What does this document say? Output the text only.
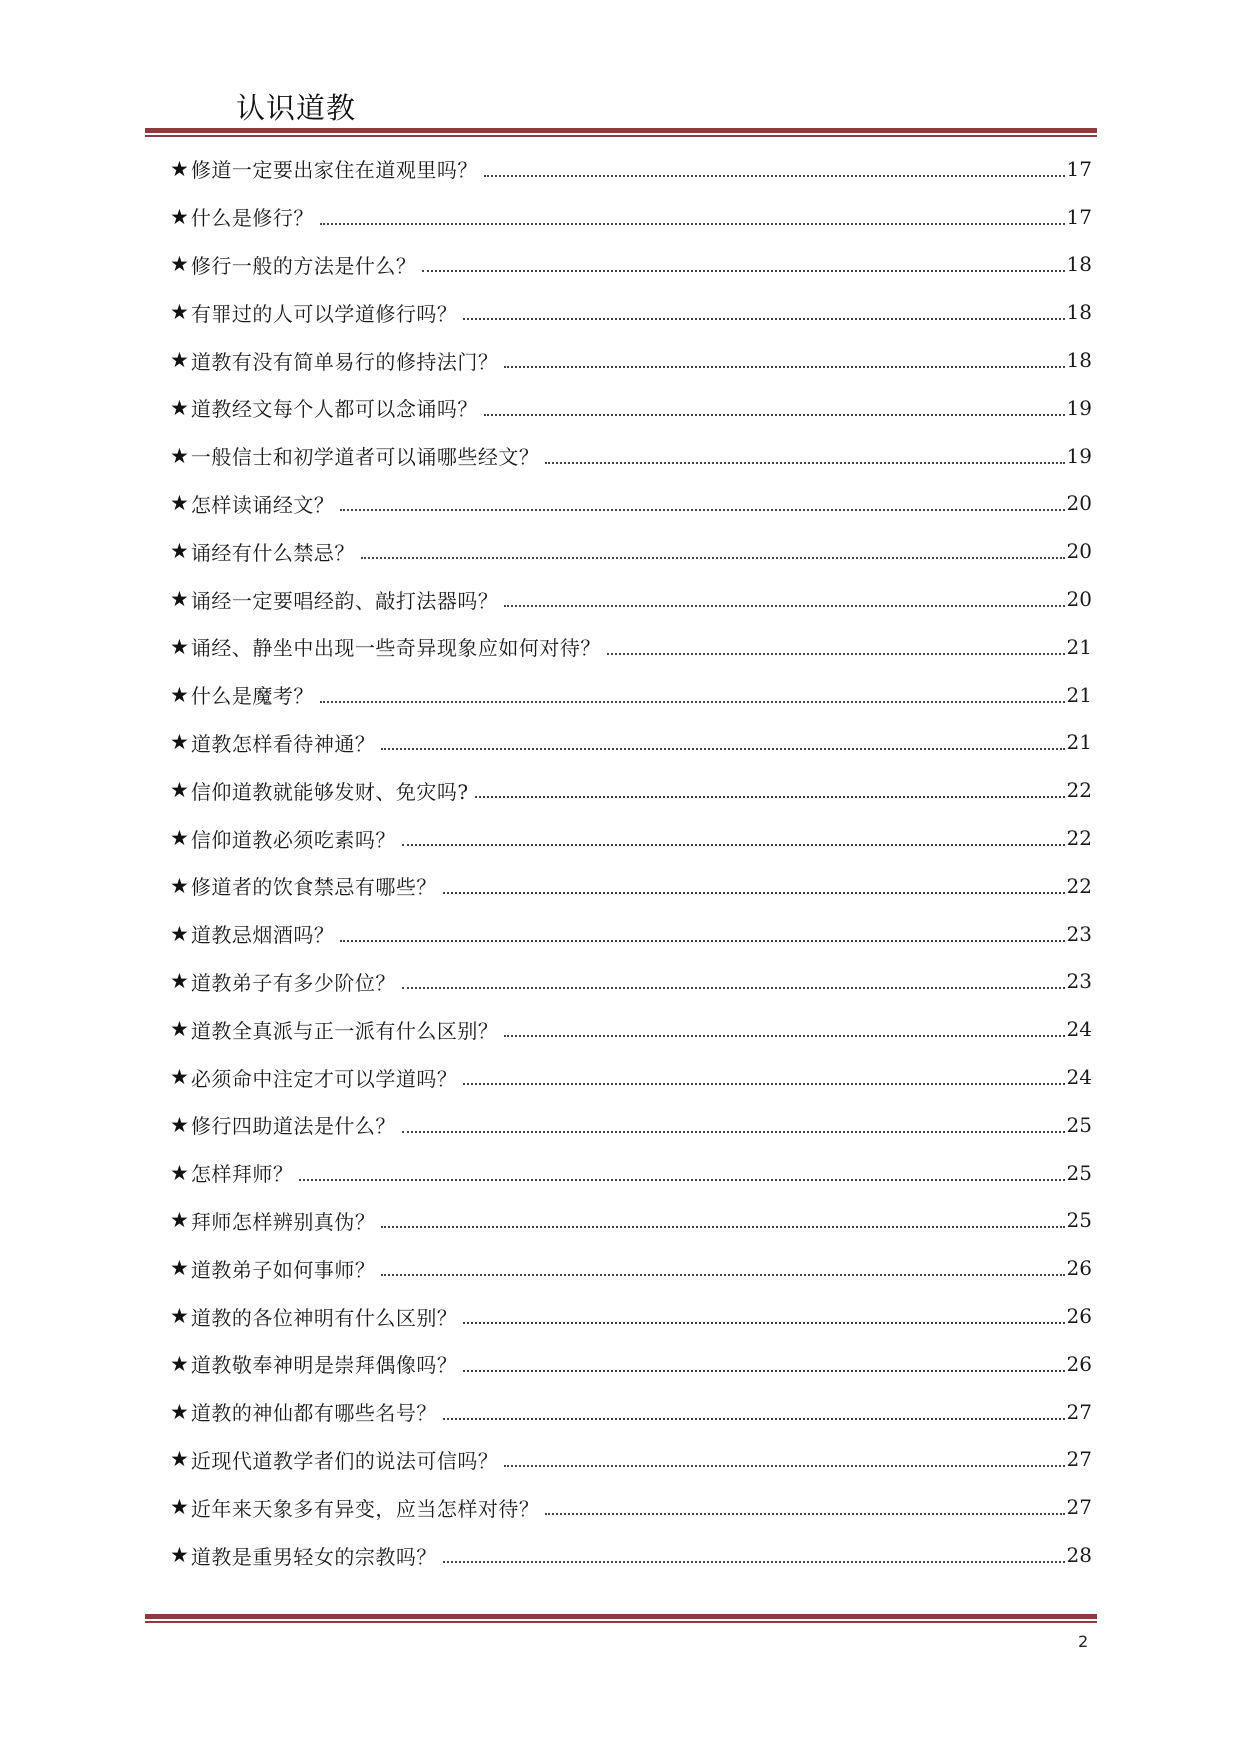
认识道教
★ 修道一定要出家住在道观里吗？	17
★ 什么是修行？	17
★ 修行一般的方法是什么？	18
★ 有罪过的人可以学道修行吗？	18
★ 道教有没有简单易行的修持法门？	18
★ 道教经文每个人都可以念诵吗？	19
★ 一般信士和初学道者可以诵哪些经文？	19
★ 怎样读诵经文？	20
★ 诵经有什么禁忌？	20
★ 诵经一定要唱经韵、敲打法器吗？	20
★ 诵经、静坐中出现一些奇异现象应如何对待？	21
★ 什么是魔考？	21
★ 道教怎样看待神通？	21
★ 信仰道教就能够发财、免灾吗?	22
★ 信仰道教必须吃素吗？	22
★ 修道者的饮食禁忌有哪些？	22
★ 道教忌烟酒吗？	23
★ 道教弟子有多少阶位？	23
★ 道教全真派与正一派有什么区别？	24
★ 必须命中注定才可以学道吗？	24
★ 修行四助道法是什么？	25
★ 怎样拜师？	25
★ 拜师怎样辨别真伪？	25
★ 道教弟子如何事师？	26
★ 道教的各位神明有什么区别？	26
★ 道教敬奉神明是崇拜偶像吗？	26
★ 道教的神仙都有哪些名号？	27
★ 近现代道教学者们的说法可信吗？	27
★ 近年来天象多有异变，应当怎样对待？	27
★ 道教是重男轻女的宗教吗？	28
2
